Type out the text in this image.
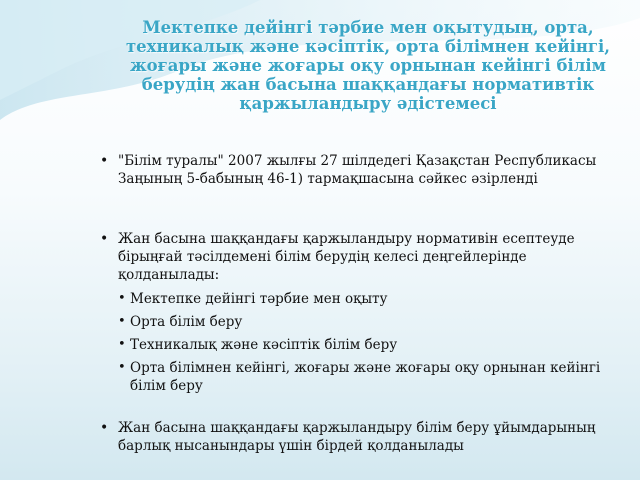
Мектепке дейінгі тәрбие мен оқытудың, орта, техникалық және кәсіптік, орта білімнен кейінгі, жоғары және жоғары оқу орнынан кейінгі білім берудің жан басына шаққандағы нормативтік қаржыландыру әдістемесі
• "Білім туралы" 2007 жылғы 27 шілдедегі Қазақстан Республикасы Заңының 5-бабының 46-1) тармақшасына сәйкес әзірленді
• Жан басына шаққандағы қаржыландыру нормативін есептеуде бірыңғай тәсілдемені білім берудің келесі деңгейлерінде қолданылады:
• Мектепке дейінгі тәрбие мен оқыту
• Орта білім беру
• Техникалық және кәсіптік білім беру
• Орта білімнен кейінгі, жоғары және жоғары оқу орнынан кейінгі білім беру
• Жан басына шаққандағы қаржыландыру білім беру ұйымдарының барлық нысанындары үшін бірдей қолданылады
